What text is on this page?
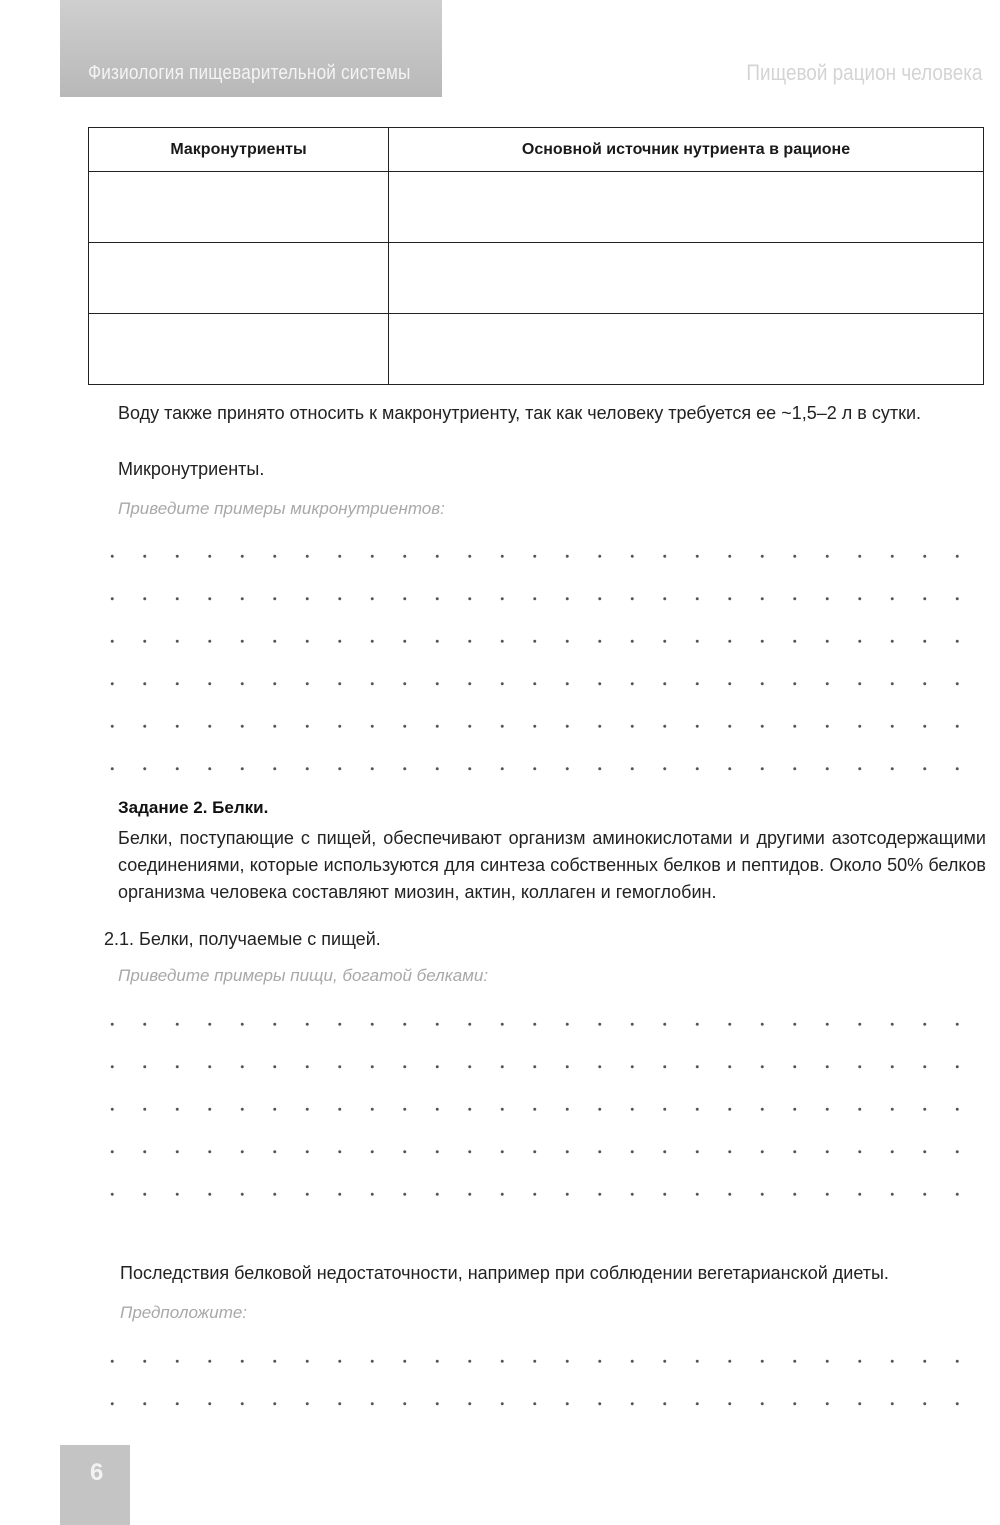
Физиология пищеварительной системы	Пищевой рацион человека
Макронутриенты	Основной источник нутриента в рационе

Воду также принято относить к макронутриенту, так как человеку требуется ее ~1,5–2 л в сутки.
Микронутриенты.
Приведите примеры микронутриентов:
Задание 2. Белки.
Белки, поступающие с пищей, обеспечивают организм аминокислотами и другими азотсодержащими соединениями, которые используются для синтеза собственных белков и пептидов. Около 50% белков организма человека составляют миозин, актин, коллаген и гемоглобин.
2.1. Белки, получаемые с пищей.
Приведите примеры пищи, богатой белками:
Последствия белковой недостаточности, например при соблюдении вегетарианской диеты.
Предположите:
6
